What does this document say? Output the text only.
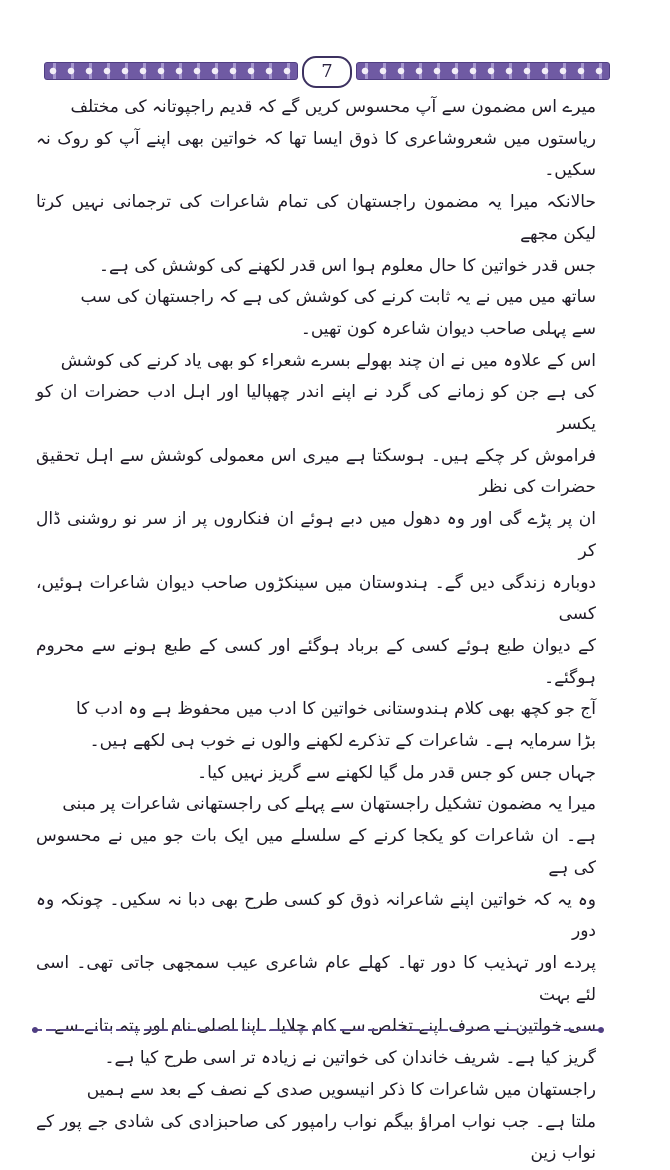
7

میرے اس مضمون سے آپ محسوس کریں گے کہ قدیم راجپوتانہ کی مختلف

ریاستوں میں شعروشاعری کا ذوق ایسا تھا کہ خواتین بھی اپنے آپ کو روک نہ سکیں۔

حالانکہ میرا یہ مضمون راجستھان کی تمام شاعرات کی ترجمانی نہیں کرتا لیکن مجھے

جس قدر خواتین کا حال معلوم ہوا اس قدر لکھنے کی کوشش کی ہے۔

ساتھ میں میں نے یہ ثابت کرنے کی کوشش کی ہے کہ راجستھان کی سب

سے پہلی صاحب دیوان شاعرہ کون تھیں۔

اس کے علاوہ میں نے ان چند بھولے بسرے شعراء کو بھی یاد کرنے کی کوشش

کی ہے جن کو زمانے کی گرد نے اپنے اندر چھپالیا اور اہل ادب حضرات ان کو یکسر

فراموش کر چکے ہیں۔ ہوسکتا ہے میری اس معمولی کوشش سے اہل تحقیق حضرات کی نظر

ان پر پڑے گی اور وہ دھول میں دبے ہوئے ان فنکاروں پر از سر نو روشنی ڈال کر

دوبارہ زندگی دیں گے۔ ہندوستان میں سینکڑوں صاحب دیوان شاعرات ہوئیں، کسی

کے دیوان طبع ہوئے کسی کے برباد ہوگئے اور کسی کے طبع ہونے سے محروم ہوگئے۔

آج جو کچھ بھی کلام ہندوستانی خواتین کا ادب میں محفوظ ہے وہ ادب کا

بڑا سرمایہ ہے۔ شاعرات کے تذکرے لکھنے والوں نے خوب ہی لکھے ہیں۔

جہاں جس کو جس قدر مل گیا لکھنے سے گریز نہیں کیا۔

میرا یہ مضمون تشکیل راجستھان سے پہلے کی راجستھانی شاعرات پر مبنی

ہے۔ ان شاعرات کو یکجا کرنے کے سلسلے میں ایک بات جو میں نے محسوس کی ہے

وہ یہ کہ خواتین اپنے شاعرانہ ذوق کو کسی طرح بھی دبا نہ سکیں۔ چونکہ وہ دور

پردے اور تہذیب کا دور تھا۔ کھلے عام شاعری عیب سمجھی جاتی تھی۔ اسی لئے بہت

سی خواتین نے صرف اپنے تخلص سے کام چلایا۔ اپنا اصلی نام اور پتہ بتانے سے

گریز کیا ہے۔ شریف خاندان کی خواتین نے زیادہ تر اسی طرح کیا ہے۔

راجستھان میں شاعرات کا ذکر انیسویں صدی کے نصف کے بعد سے ہمیں

ملتا ہے۔ جب نواب امراؤ بیگم نواب رامپور کی صاحبزادی کی شادی جے پور کے نواب زین
